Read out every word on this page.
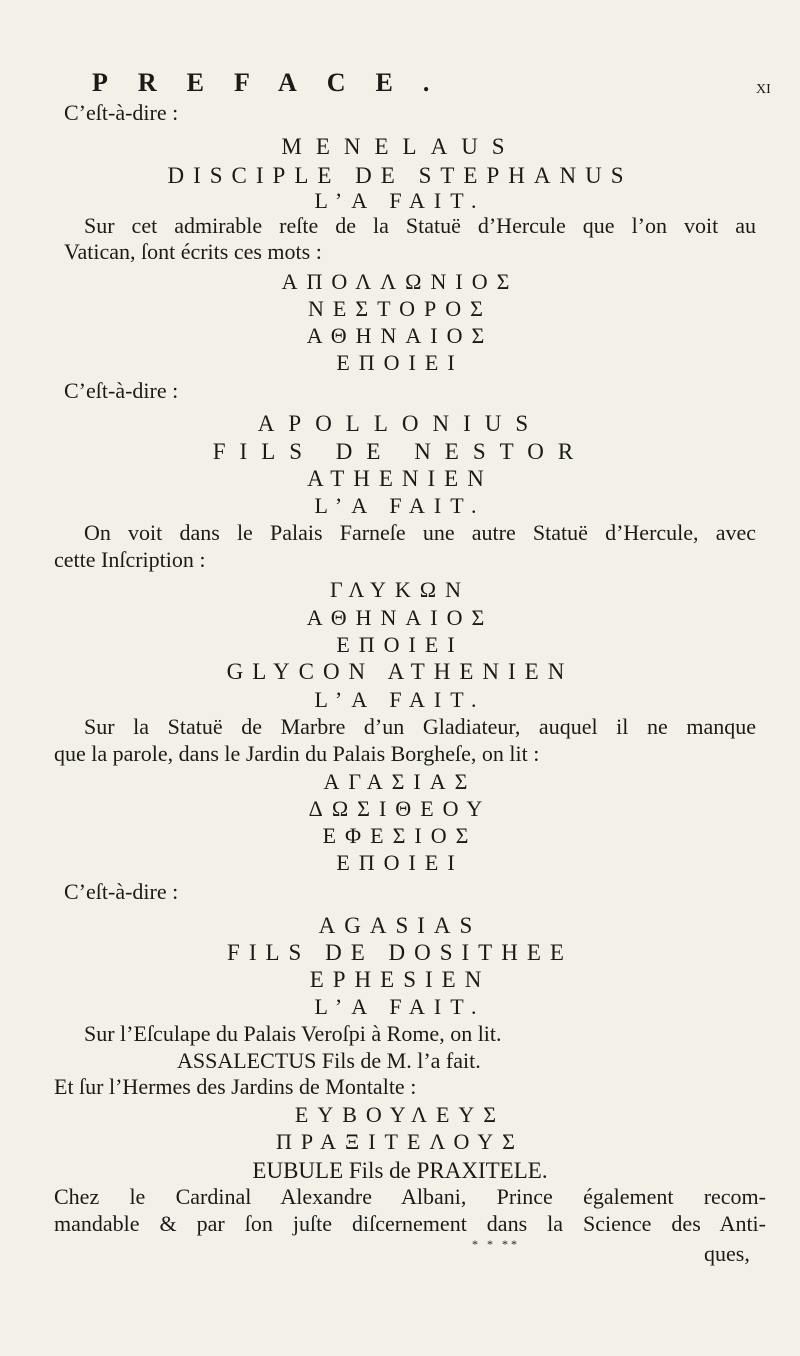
PREFACE.	XI
C’eſt-à-dire :
MENELAUS
DISCIPLE DE STEPHANUS
L’A FAIT.
Sur cet admirable reſte de la Statuë d’Hercule que l’on voit au
Vatican, ſont écrits ces mots :
ΑΠΟΛΛΩΝΙΟΣ
ΝΕΣΤΟΡΟΣ
ΑΘΗΝΑΙΟΣ
ΕΠΟΙΕΙ
C’eſt-à-dire :
APOLLONIUS
FILS DE NESTOR
ATHENIEN
L’A FAIT.
On voit dans le Palais Farneſe une autre Statuë d’Hercule, avec
cette Inſcription :
ΓΛΥΚΩΝ
ΑΘΗΝΑΙΟΣ
ΕΠΟΙΕΙ
GLYCON ATHENIEN
L’A FAIT.
Sur la Statuë de Marbre d’un Gladiateur, auquel il ne manque
que la parole, dans le Jardin du Palais Borgheſe, on lit :
ΑΓΑΣΙΑΣ
ΔΩΣΙΘΕΟΥ
ΕΦΕΣΙΟΣ
ΕΠΟΙΕΙ
C’eſt-à-dire :
AGASIAS
FILS DE DOSITHEE
EPHESIEN
L’A FAIT.
Sur l’Eſculape du Palais Veroſpi à Rome, on lit.
ASSALECTUS Fils de M. l’a fait.
Et ſur l’Hermes des Jardins de Montalte :
ΕΥΒΟΥΛΕΥΣ
ΠΡΑΞΙΤΕΛΟΥΣ
EUBULE Fils de PRAXITELE.
Chez le Cardinal Alexandre Albani, Prince également recom-
mandable & par ſon juſte diſcernement dans la Science des Anti-
* * **	ques,
